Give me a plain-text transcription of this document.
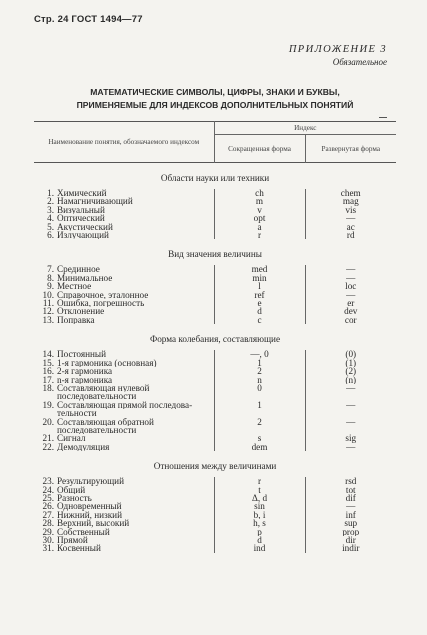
Стр. 24 ГОСТ 1494—77
ПРИЛОЖЕНИЕ 3
Обязательное
МАТЕМАТИЧЕСКИЕ СИМВОЛЫ, ЦИФРЫ, ЗНАКИ И БУКВЫ,
ПРИМЕНЯЕМЫЕ ДЛЯ ИНДЕКСОВ ДОПОЛНИТЕЛЬНЫХ ПОНЯТИЙ
Наименование понятия, обозначаемого индексом	Индекс	
	Сокращенная форма	Развернутая форма
Области науки или техники		
1. Химический	ch	chem
2. Намагничивающий	m	mag
3. Визуальный	v	vis
4. Оптический	opt	—
5. Акустический	a	ac
6. Излучающий	r	rd
Вид значения величины		
7. Срединное	med	—
8. Минимальное	min	—
9. Местное	l	loc
10. Справочное, эталонное	ref	—
11. Ошибка, погрешность	e	er
12. Отклонение	d	dev
13. Поправка	c	cor
Форма колебания, составляющие		
14. Постоянный	—, 0	(0)
15. 1-я гармоника (основная)	1	(1)
16. 2-я гармоника	2	(2)
17. n-я гармоника	n	(n)
18. Составляющая нулевой	0	—
последовательности		
19. Составляющая прямой последова-	1	—
тельности		
20. Составляющая обратной	2	—
последовательности		
21. Сигнал	s	sig
22. Демодуляция	dem	—
Отношения между величинами		
23. Результирующий	r	rsd
24. Общий	t	tot
25. Разность	Δ, d	dif
26. Одновременный	sin	—
27. Нижний, низкий	b, i	inf
28. Верхний, высокий	h, s	sup
29. Собственный	p	prop
30. Прямой	d	dir
31. Косвенный	ind	indir
